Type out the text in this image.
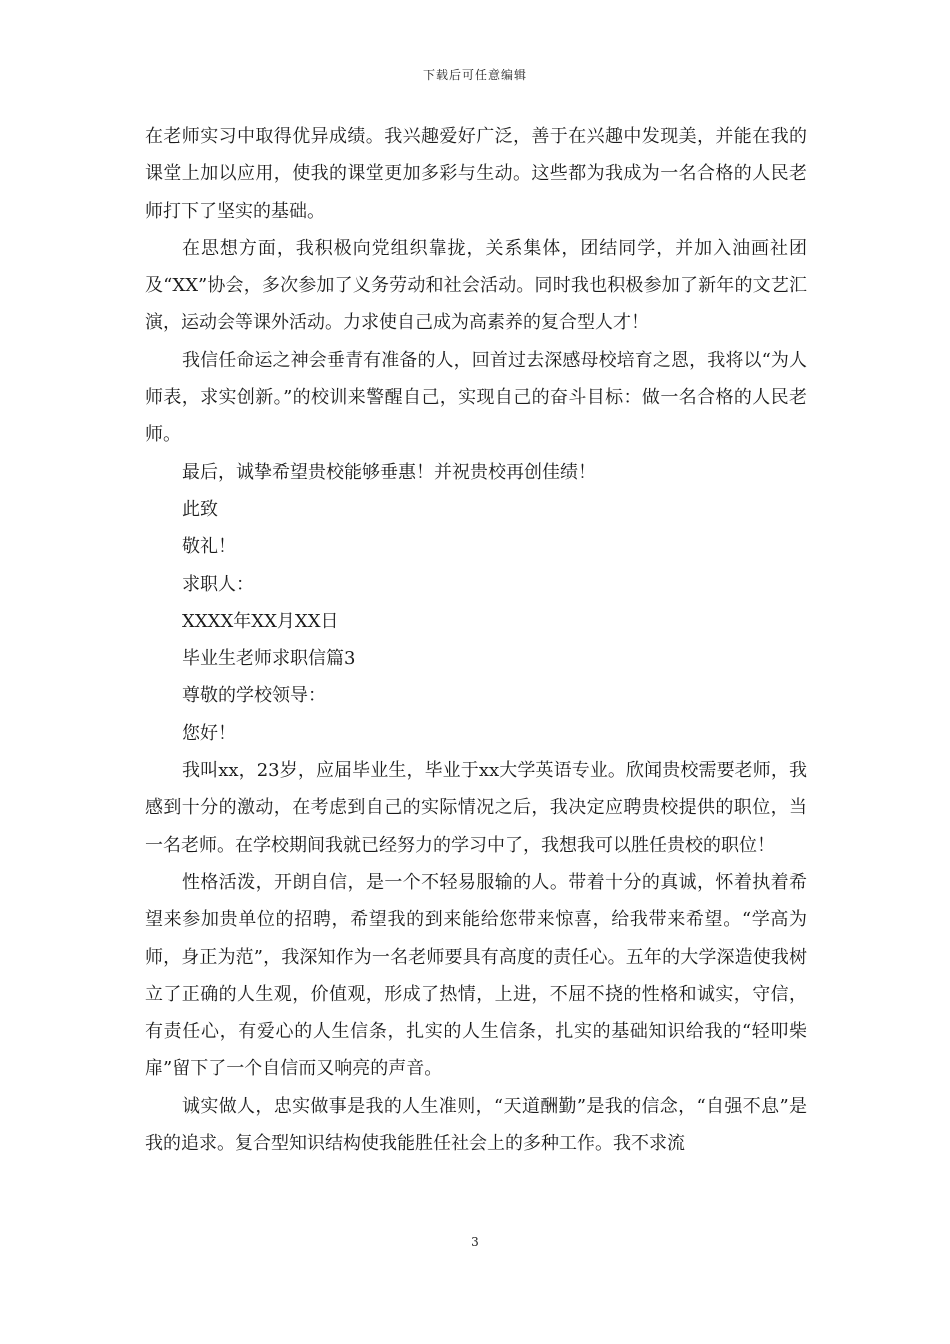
下载后可任意编辑

在老师实习中取得优异成绩。我兴趣爱好广泛，善于在兴趣中发现美，并能在我的课堂上加以应用，使我的课堂更加多彩与生动。这些都为我成为一名合格的人民老师打下了坚实的基础。

在思想方面，我积极向党组织靠拢，关系集体，团结同学，并加入油画社团及“XX”协会，多次参加了义务劳动和社会活动。同时我也积极参加了新年的文艺汇演，运动会等课外活动。力求使自己成为高素养的复合型人才！

我信任命运之神会垂青有准备的人，回首过去深感母校培育之恩，我将以“为人师表，求实创新。”的校训来警醒自己，实现自己的奋斗目标：做一名合格的人民老师。

最后，诚挚希望贵校能够垂惠！并祝贵校再创佳绩！

此致

敬礼！

求职人：

XXXX年XX月XX日

毕业生老师求职信篇3

尊敬的学校领导：

您好！

我叫xx，23岁，应届毕业生，毕业于xx大学英语专业。欣闻贵校需要老师，我感到十分的激动，在考虑到自己的实际情况之后，我决定应聘贵校提供的职位，当一名老师。在学校期间我就已经努力的学习中了，我想我可以胜任贵校的职位！

性格活泼，开朗自信，是一个不轻易服输的人。带着十分的真诚，怀着执着希望来参加贵单位的招聘，希望我的到来能给您带来惊喜，给我带来希望。“学高为师，身正为范”，我深知作为一名老师要具有高度的责任心。五年的大学深造使我树立了正确的人生观，价值观，形成了热情，上进，不屈不挠的性格和诚实，守信，有责任心，有爱心的人生信条，扎实的人生信条，扎实的基础知识给我的“轻叩柴扉”留下了一个自信而又响亮的声音。

诚实做人，忠实做事是我的人生准则，“天道酬勤”是我的信念，“自强不息”是我的追求。复合型知识结构使我能胜任社会上的多种工作。我不求流

3
